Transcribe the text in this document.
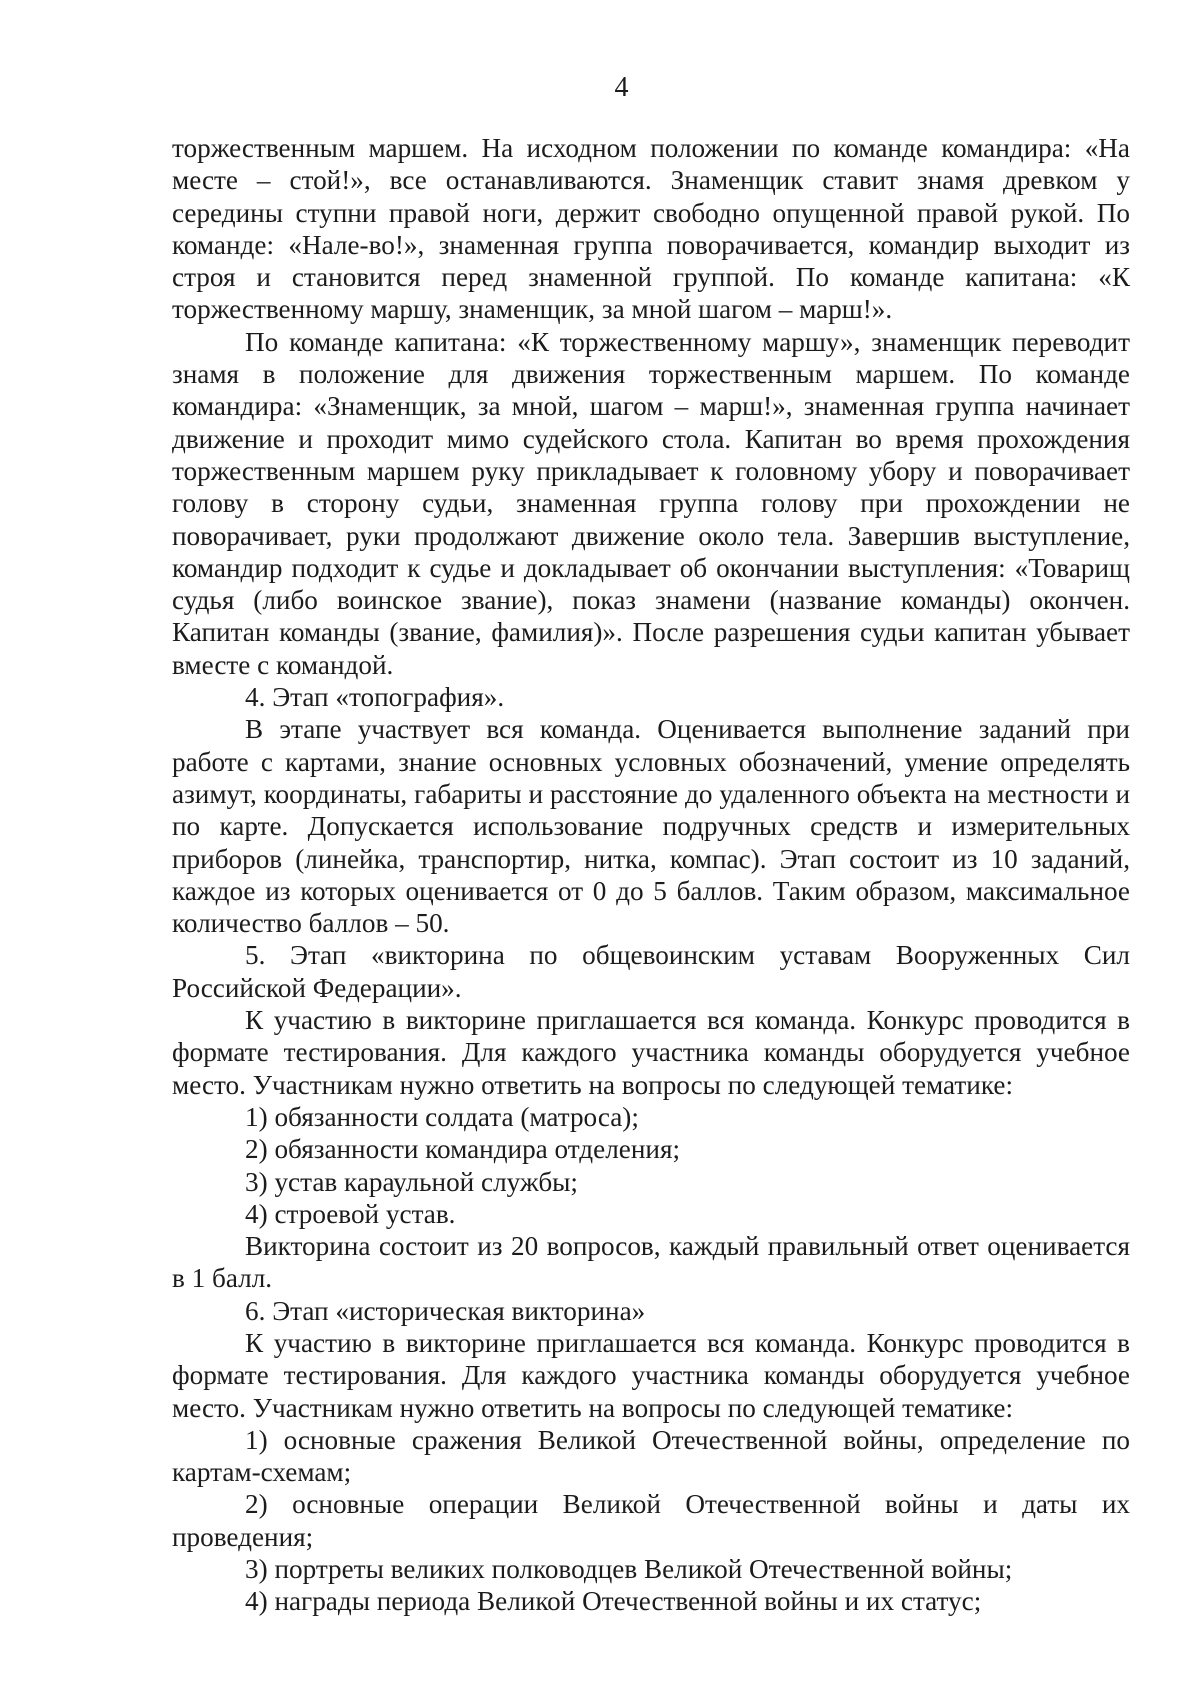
4

торжественным маршем. На исходном положении по команде командира: «На месте – стой!», все останавливаются. Знаменщик ставит знамя древком у середины ступни правой ноги, держит свободно опущенной правой рукой. По команде: «Нале-во!», знаменная группа поворачивается, командир выходит из строя и становится перед знаменной группой. По команде капитана: «К торжественному маршу, знаменщик, за мной шагом – марш!».

По команде капитана: «К торжественному маршу», знаменщик переводит знамя в положение для движения торжественным маршем. По команде командира: «Знаменщик, за мной, шагом – марш!», знаменная группа начинает движение и проходит мимо судейского стола. Капитан во время прохождения торжественным маршем руку прикладывает к головному убору и поворачивает голову в сторону судьи, знаменная группа голову при прохождении не поворачивает, руки продолжают движение около тела. Завершив выступление, командир подходит к судье и докладывает об окончании выступления: «Товарищ судья (либо воинское звание), показ знамени (название команды) окончен. Капитан команды (звание, фамилия)». После разрешения судьи капитан убывает вместе с командой.

4. Этап «топография».

В этапе участвует вся команда. Оценивается выполнение заданий при работе с картами, знание основных условных обозначений, умение определять азимут, координаты, габариты и расстояние до удаленного объекта на местности и по карте. Допускается использование подручных средств и измерительных приборов (линейка, транспортир, нитка, компас). Этап состоит из 10 заданий, каждое из которых оценивается от 0 до 5 баллов. Таким образом, максимальное количество баллов – 50.

5. Этап «викторина по общевоинским уставам Вооруженных Сил Российской Федерации».

К участию в викторине приглашается вся команда. Конкурс проводится в формате тестирования. Для каждого участника команды оборудуется учебное место. Участникам нужно ответить на вопросы по следующей тематике:

1) обязанности солдата (матроса);

2) обязанности командира отделения;

3) устав караульной службы;

4) строевой устав.

Викторина состоит из 20 вопросов, каждый правильный ответ оценивается в 1 балл.

6. Этап «историческая викторина»

К участию в викторине приглашается вся команда. Конкурс проводится в формате тестирования. Для каждого участника команды оборудуется учебное место. Участникам нужно ответить на вопросы по следующей тематике:

1) основные сражения Великой Отечественной войны, определение по картам-схемам;

2) основные операции Великой Отечественной войны и даты их проведения;

3) портреты великих полководцев Великой Отечественной войны;

4) награды периода Великой Отечественной войны и их статус;
